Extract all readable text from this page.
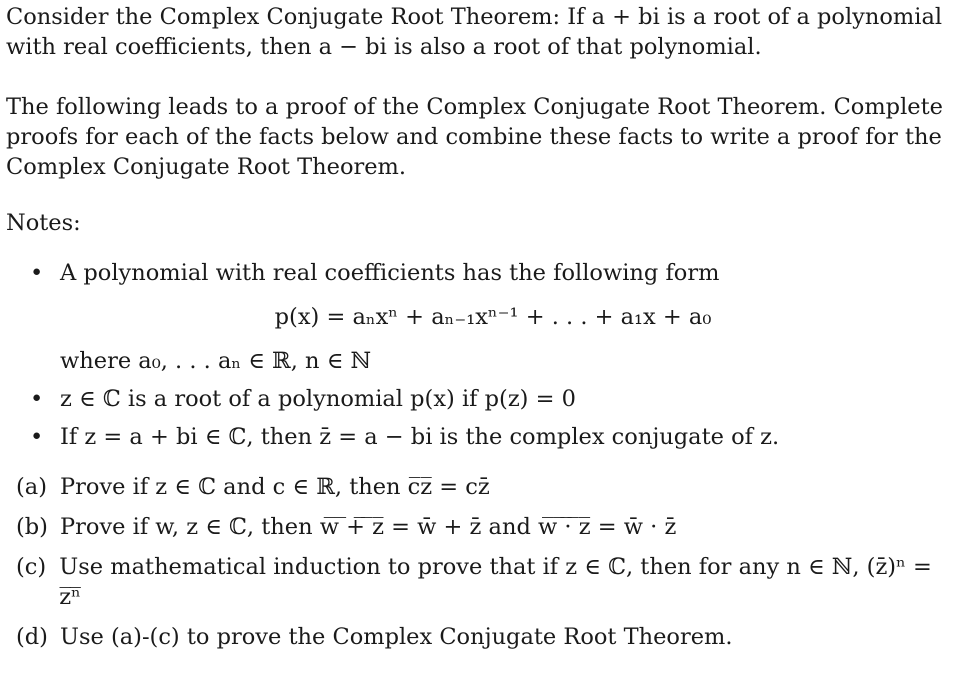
Consider the Complex Conjugate Root Theorem: If a + bi is a root of a polynomial with real coefficients, then a − bi is also a root of that polynomial.

The following leads to a proof of the Complex Conjugate Root Theorem. Complete proofs for each of the facts below and combine these facts to write a proof for the Complex Conjugate Root Theorem.

Notes:

• A polynomial with real coefficients has the following form
p(x) = aₙxⁿ + aₙ₋₁xⁿ⁻¹ + . . . + a₁x + a₀
where a₀, . . . aₙ ∈ ℝ, n ∈ ℕ
• z ∈ ℂ is a root of a polynomial p(x) if p(z) = 0
• If z = a + bi ∈ ℂ, then z̄ = a − bi is the complex conjugate of z.
(a) Prove if z ∈ ℂ and c ∈ ℝ, then c̅z̅ = cz̄
(b) Prove if w, z ∈ ℂ, then w̅ ̅+̅ ̅z̅ = w̄ + z̄ and w̅ ̅·̅ ̅z̅ = w̄ · z̄
(c) Use mathematical induction to prove that if z ∈ ℂ, then for any n ∈ ℕ, (z̄)ⁿ = z̅ⁿ̅
(d) Use (a)-(c) to prove the Complex Conjugate Root Theorem.
